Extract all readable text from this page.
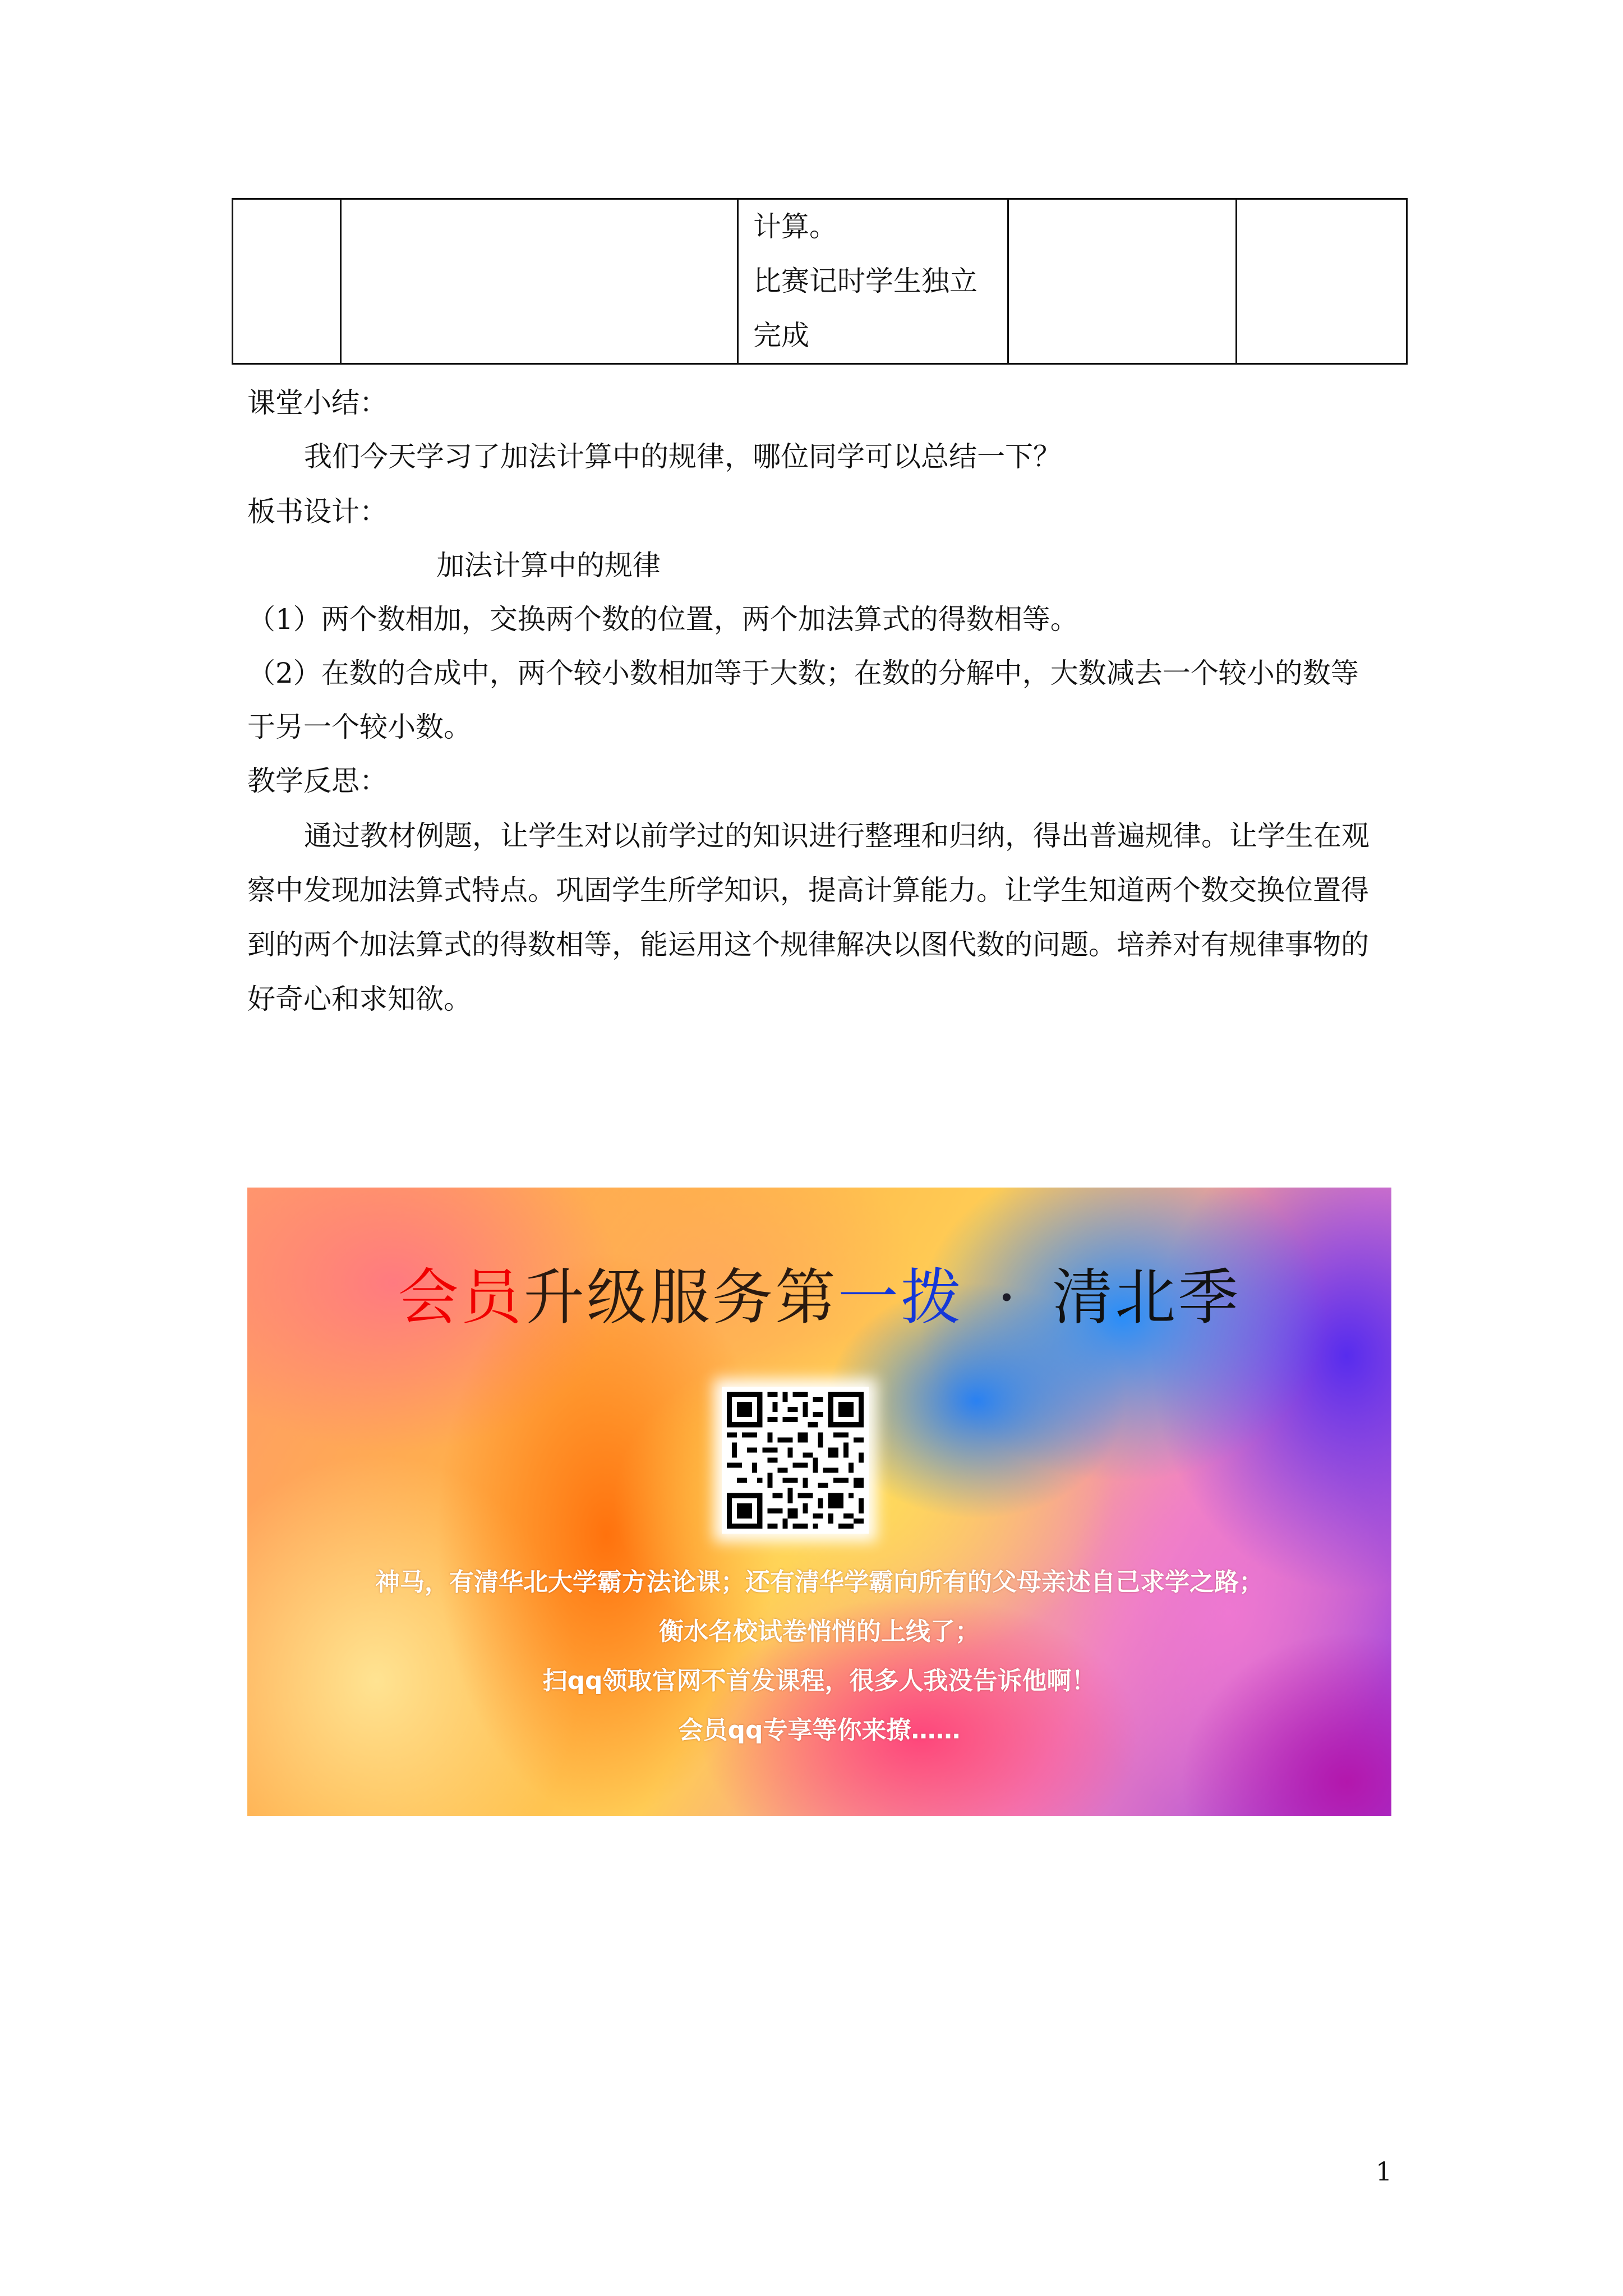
计算。
比赛记时学生独立
完成

课堂小结：
我们今天学习了加法计算中的规律，哪位同学可以总结一下？
板书设计：
加法计算中的规律
（1）两个数相加，交换两个数的位置，两个加法算式的得数相等。
（2）在数的合成中，两个较小数相加等于大数；在数的分解中，大数减去一个较小的数等
于另一个较小数。
教学反思：
通过教材例题，让学生对以前学过的知识进行整理和归纳，得出普遍规律。让学生在观
察中发现加法算式特点。巩固学生所学知识，提高计算能力。让学生知道两个数交换位置得
到的两个加法算式的得数相等，能运用这个规律解决以图代数的问题。培养对有规律事物的
好奇心和求知欲。
会员升级服务第一拨 · 清北季
神马，有清华北大学霸方法论课；还有清华学霸向所有的父母亲述自己求学之路；
衡水名校试卷悄悄的上线了；
扫qq领取官网不首发课程，很多人我没告诉他啊！
会员qq专享等你来撩……
1
